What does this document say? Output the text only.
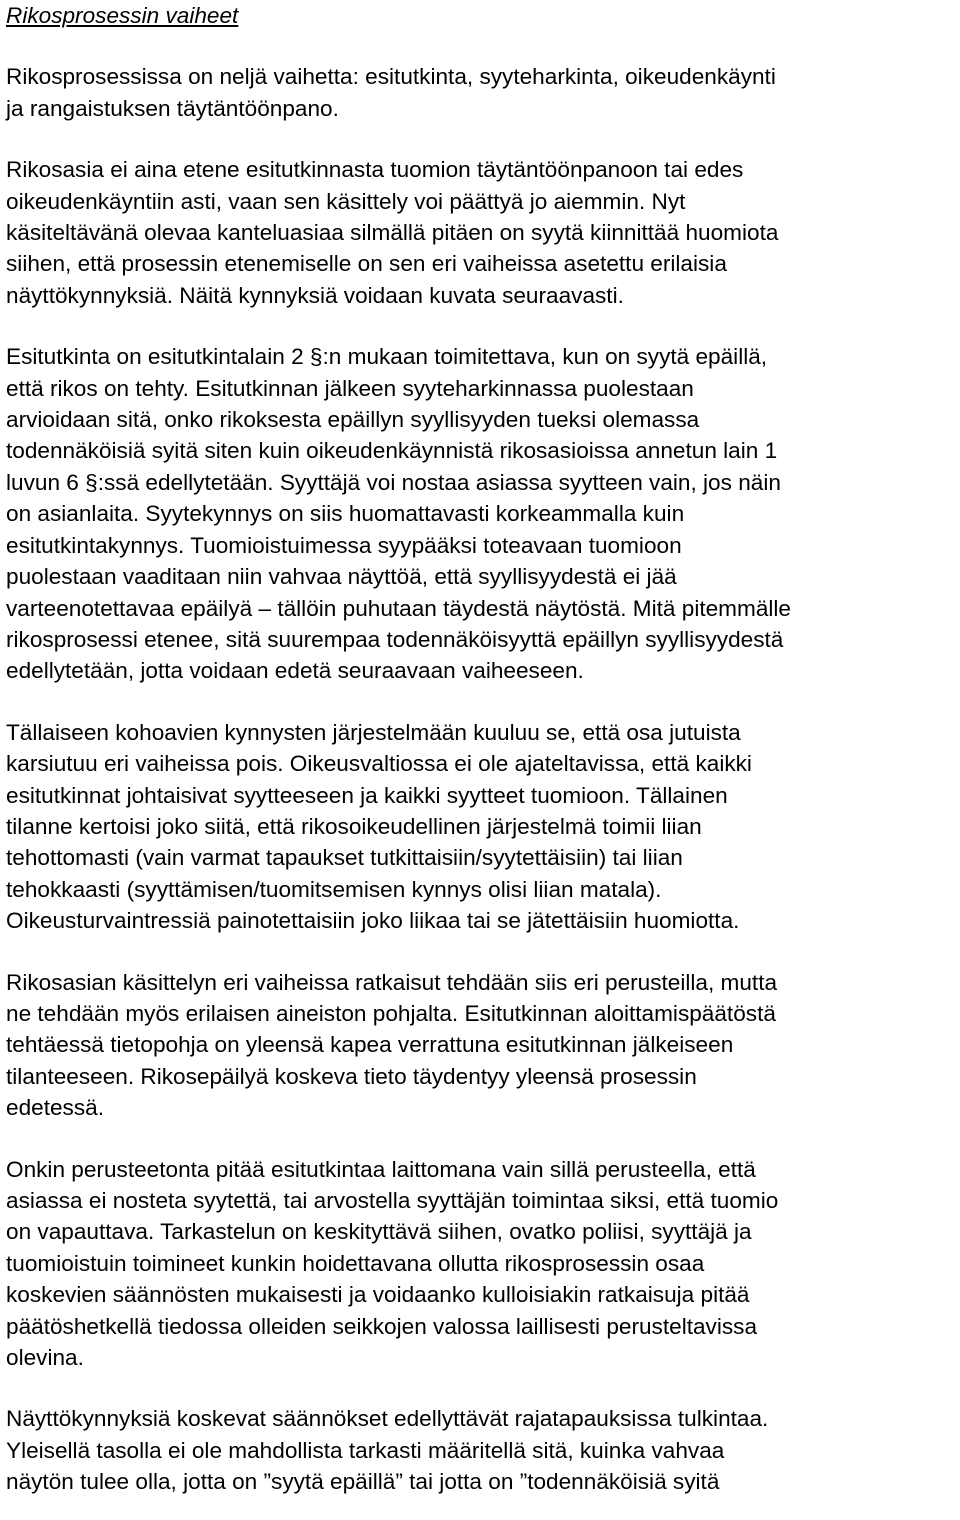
Rikosprosessin vaiheet
Rikosprosessissa on neljä vaihetta: esitutkinta, syyteharkinta, oikeudenkäynti
ja rangaistuksen täytäntöönpano.
Rikosasia ei aina etene esitutkinnasta tuomion täytäntöönpanoon tai edes
oikeudenkäyntiin asti, vaan sen käsittely voi päättyä jo aiemmin. Nyt
käsiteltävänä olevaa kanteluasiaa silmällä pitäen on syytä kiinnittää huomiota
siihen, että prosessin etenemiselle on sen eri vaiheissa asetettu erilaisia
näyttökynnyksiä. Näitä kynnyksiä voidaan kuvata seuraavasti.
Esitutkinta on esitutkintalain 2 §:n mukaan toimitettava, kun on syytä epäillä,
että rikos on tehty. Esitutkinnan jälkeen syyteharkinnassa puolestaan
arvioidaan sitä, onko rikoksesta epäillyn syyllisyyden tueksi olemassa
todennäköisiä syitä siten kuin oikeudenkäynnistä rikosasioissa annetun lain 1
luvun 6 §:ssä edellytetään. Syyttäjä voi nostaa asiassa syytteen vain, jos näin
on asianlaita. Syytekynnys on siis huomattavasti korkeammalla kuin
esitutkintakynnys. Tuomioistuimessa syypääksi toteavaan tuomioon
puolestaan vaaditaan niin vahvaa näyttöä, että syyllisyydestä ei jää
varteenotettavaa epäilyä – tällöin puhutaan täydestä näytöstä. Mitä pitemmälle
rikosprosessi etenee, sitä suurempaa todennäköisyyttä epäillyn syyllisyydestä
edellytetään, jotta voidaan edetä seuraavaan vaiheeseen.
Tällaiseen kohoavien kynnysten järjestelmään kuuluu se, että osa jutuista
karsiutuu eri vaiheissa pois. Oikeusvaltiossa ei ole ajateltavissa, että kaikki
esitutkinnat johtaisivat syytteeseen ja kaikki syytteet tuomioon. Tällainen
tilanne kertoisi joko siitä, että rikosoikeudellinen järjestelmä toimii liian
tehottomasti (vain varmat tapaukset tutkittaisiin/syytettäisiin) tai liian
tehokkaasti (syyttämisen/tuomitsemisen kynnys olisi liian matala).
Oikeusturvaintressiä painotettaisiin joko liikaa tai se jätettäisiin huomiotta.
Rikosasian käsittelyn eri vaiheissa ratkaisut tehdään siis eri perusteilla, mutta
ne tehdään myös erilaisen aineiston pohjalta. Esitutkinnan aloittamispäätöstä
tehtäessä tietopohja on yleensä kapea verrattuna esitutkinnan jälkeiseen
tilanteeseen. Rikosepäilyä koskeva tieto täydentyy yleensä prosessin
edetessä.
Onkin perusteetonta pitää esitutkintaa laittomana vain sillä perusteella, että
asiassa ei nosteta syytettä, tai arvostella syyttäjän toimintaa siksi, että tuomio
on vapauttava. Tarkastelun on keskityttävä siihen, ovatko poliisi, syyttäjä ja
tuomioistuin toimineet kunkin hoidettavana ollutta rikosprosessin osaa
koskevien säännösten mukaisesti ja voidaanko kulloisiakin ratkaisuja pitää
päätöshetkellä tiedossa olleiden seikkojen valossa laillisesti perusteltavissa
olevina.
Näyttökynnyksiä koskevat säännökset edellyttävät rajatapauksissa tulkintaa.
Yleisellä tasolla ei ole mahdollista tarkasti määritellä sitä, kuinka vahvaa
näytön tulee olla, jotta on ”syytä epäillä” tai jotta on ”todennäköisiä syitä
